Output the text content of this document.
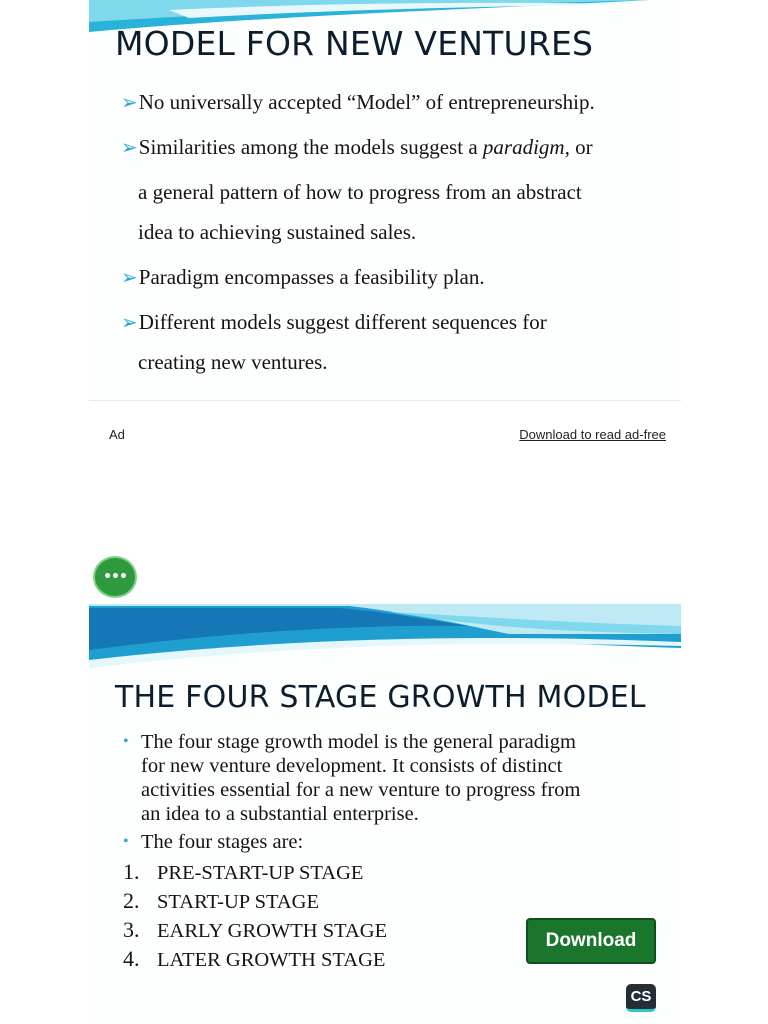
MODEL FOR NEW VENTURES
➢No universally accepted “Model” of entrepreneurship.
➢Similarities among the models suggest a paradigm, or
a general pattern of how to progress from an abstract
idea to achieving sustained sales.
➢Paradigm encompasses a feasibility plan.
➢Different models suggest different sequences for
creating new ventures.
Ad	Download to read ad-free
•••
THE FOUR STAGE GROWTH MODEL
• The four stage growth model is the general paradigm
for new venture development. It consists of distinct
activities essential for a new venture to progress from
an idea to a substantial enterprise.
• The four stages are:
1. PRE-START-UP STAGE
2. START-UP STAGE
3. EARLY GROWTH STAGE
4. LATER GROWTH STAGE
Download
CS
